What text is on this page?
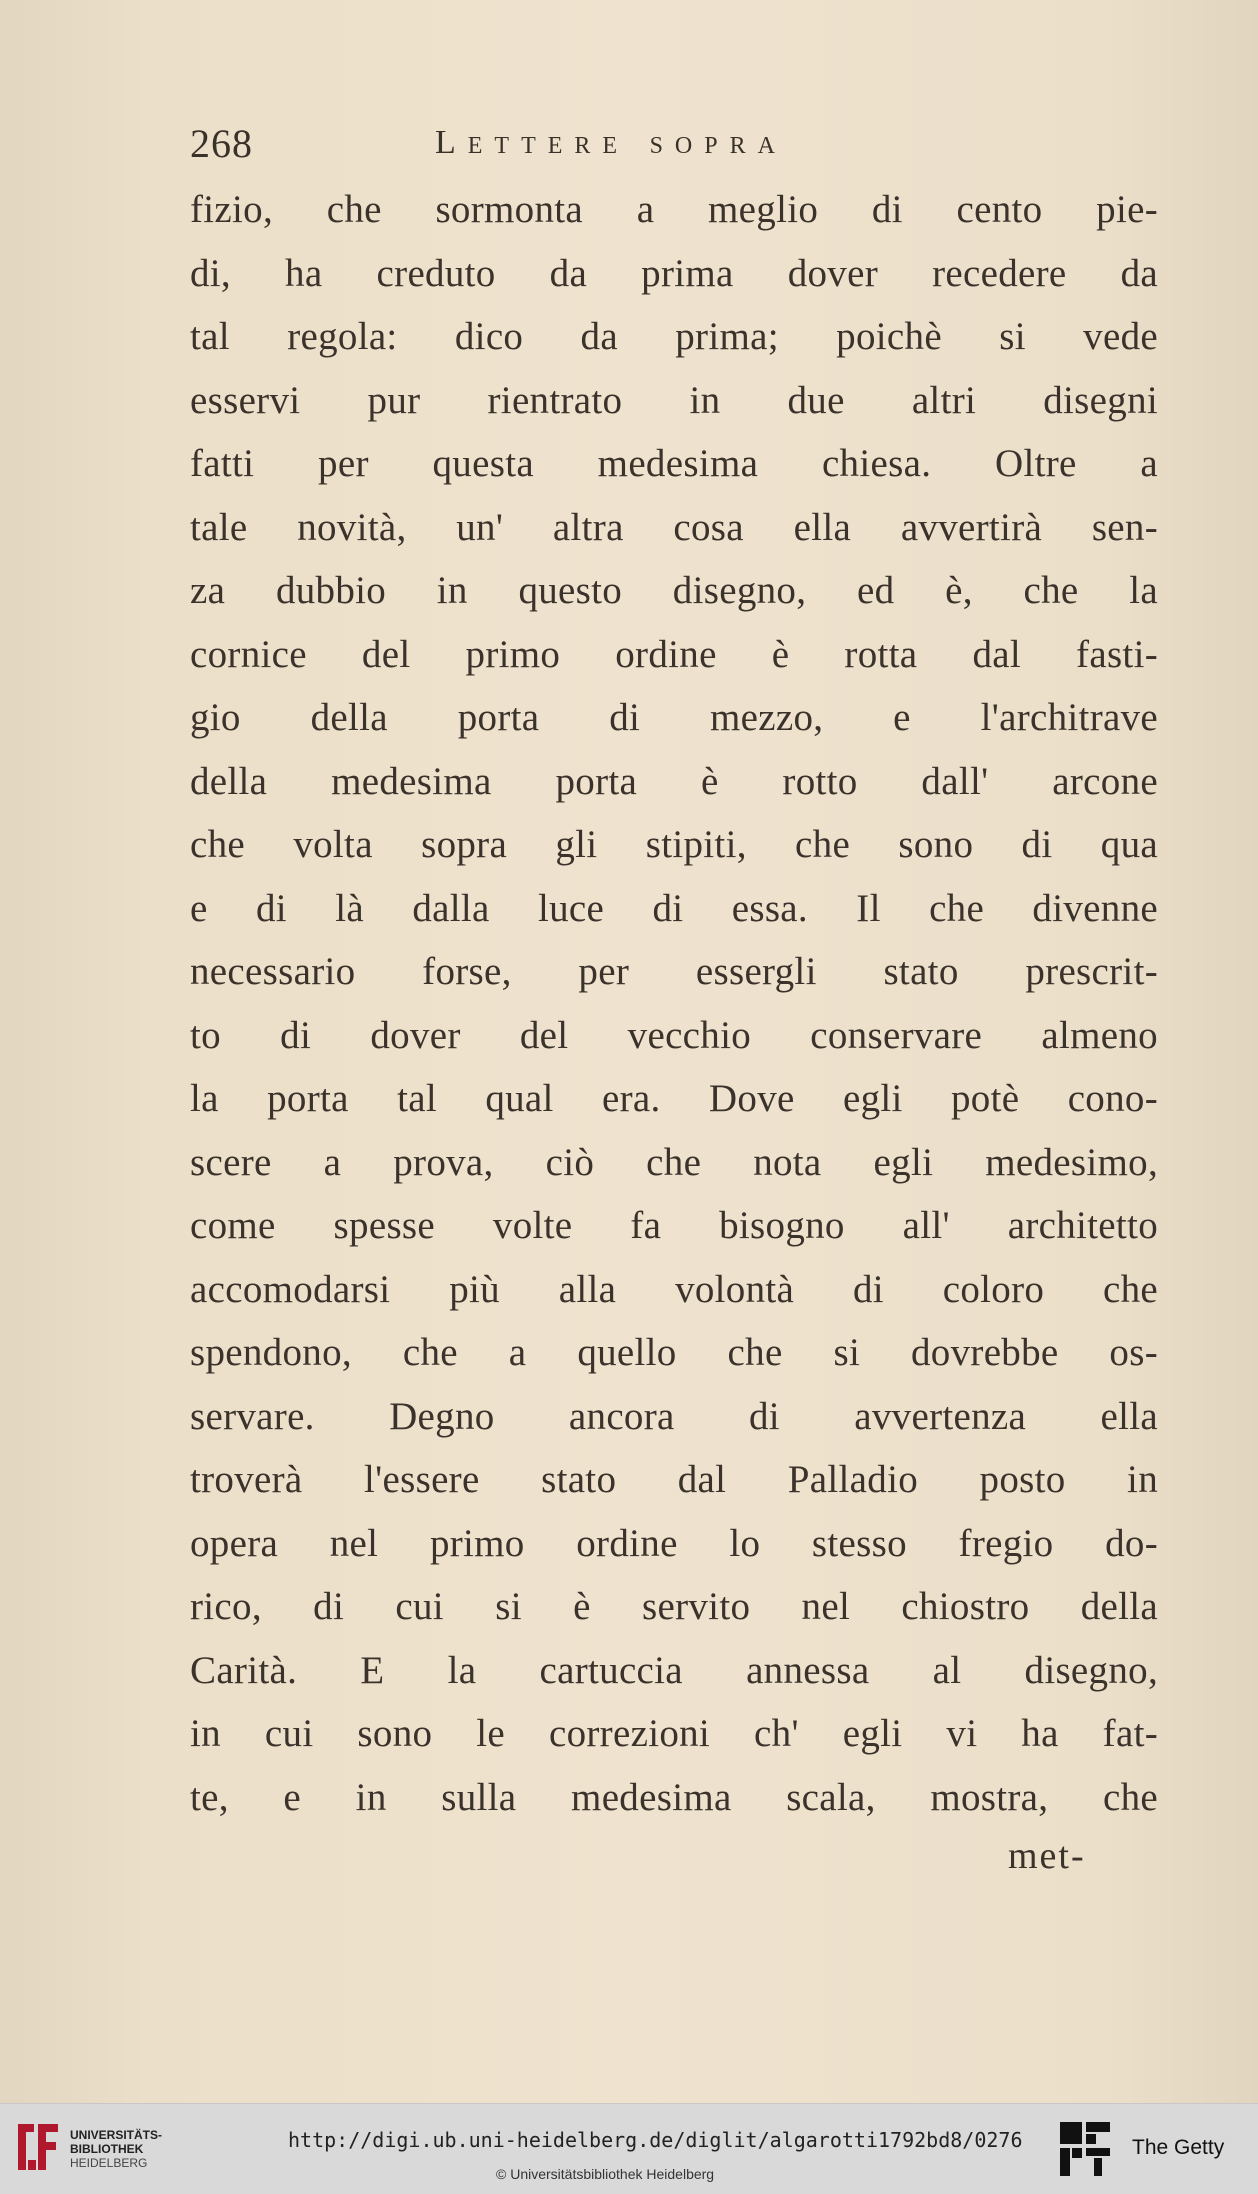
268	Lettere sopra
fizio, che sormonta a meglio di cento pie-
di, ha creduto da prima dover recedere da
tal regola: dico da prima; poichè si vede
esservi pur rientrato in due altri disegni
fatti per questa medesima chiesa. Oltre a
tale novità, un' altra cosa ella avvertirà sen-
za dubbio in questo disegno, ed è, che la
cornice del primo ordine è rotta dal fasti-
gio della porta di mezzo, e l'architrave
della medesima porta è rotto dall' arcone
che volta sopra gli stipiti, che sono di qua
e di là dalla luce di essa. Il che divenne
necessario forse, per essergli stato prescrit-
to di dover del vecchio conservare almeno
la porta tal qual era. Dove egli potè cono-
scere a prova, ciò che nota egli medesimo,
come spesse volte fa bisogno all' architetto
accomodarsi più alla volontà di coloro che
spendono, che a quello che si dovrebbe os-
servare. Degno ancora di avvertenza ella
troverà l'essere stato dal Palladio posto in
opera nel primo ordine lo stesso fregio do-
rico, di cui si è servito nel chiostro della
Carità. E la cartuccia annessa al disegno,
in cui sono le correzioni ch' egli vi ha fat-
te, e in sulla medesima scala, mostra, che
met-
UNIVERSITÄTS-
BIBLIOTHEK
HEIDELBERG
http://digi.ub.uni-heidelberg.de/diglit/algarotti1792bd8/0276
© Universitätsbibliothek Heidelberg
The Getty
